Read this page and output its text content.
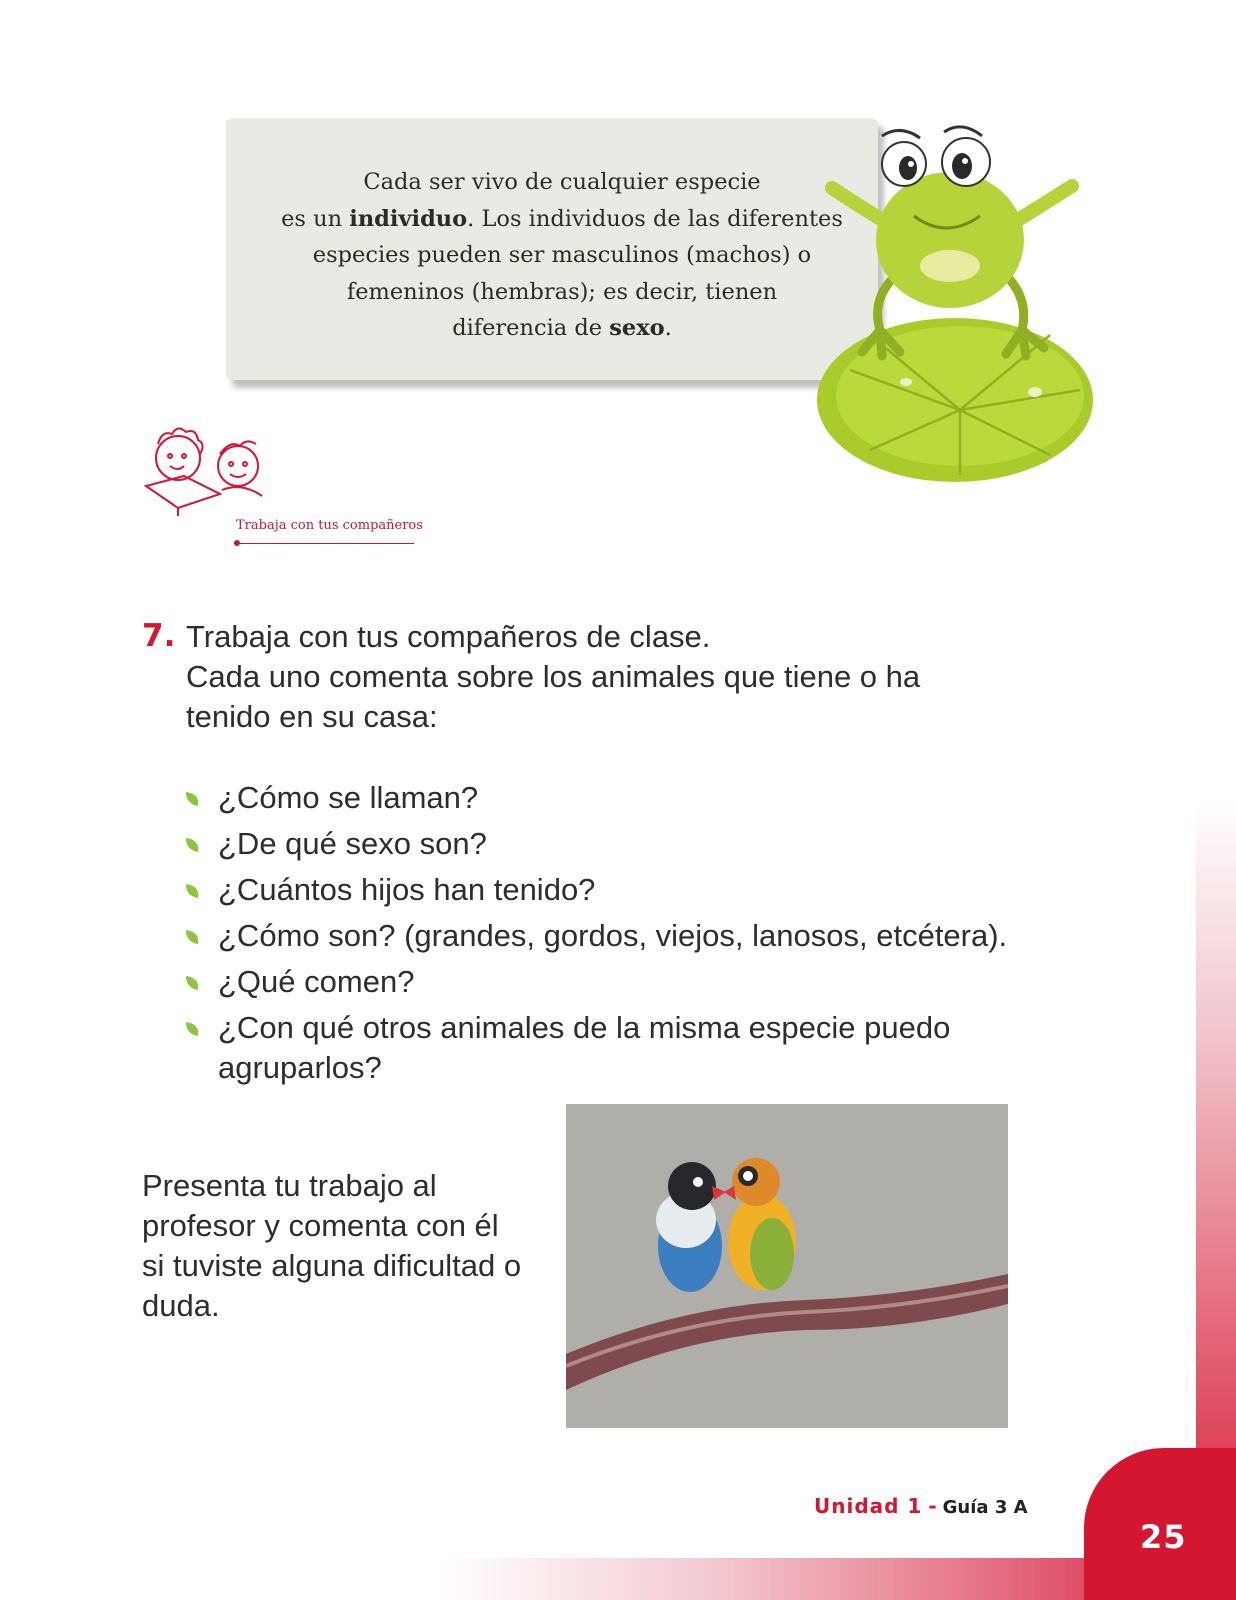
25
Cada ser vivo de cualquier especie
es un individuo. Los individuos de las diferentes
especies pueden ser masculinos (machos) o
femeninos (hembras); es decir, tienen
diferencia de sexo.
Trabaja con tus compañeros
7. Trabaja con tus compañeros de clase.
Cada uno comenta sobre los animales que tiene o ha tenido en su casa:
¿Cómo se llaman?
¿De qué sexo son?
¿Cuántos hijos han tenido?
¿Cómo son? (grandes, gordos, viejos, lanosos, etcétera).
¿Qué comen?
¿Con qué otros animales de la misma especie puedo agruparlos?
Presenta tu trabajo al profesor y comenta con él si tuviste alguna dificultad o duda.
Unidad 1 - Guía 3 A
